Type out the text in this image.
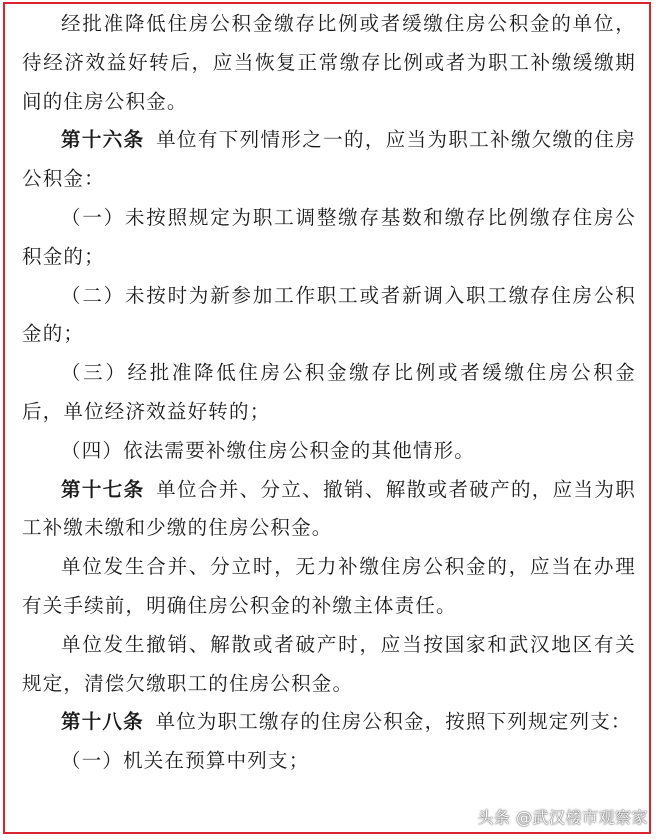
经批准降低住房公积金缴存比例或者缓缴住房公积金的单位，待经济效益好转后，应当恢复正常缴存比例或者为职工补缴缓缴期间的住房公积金。

第十六条 单位有下列情形之一的，应当为职工补缴欠缴的住房公积金：

（一）未按照规定为职工调整缴存基数和缴存比例缴存住房公积金的；

（二）未按时为新参加工作职工或者新调入职工缴存住房公积金的；

（三）经批准降低住房公积金缴存比例或者缓缴住房公积金后，单位经济效益好转的；

（四）依法需要补缴住房公积金的其他情形。

第十七条 单位合并、分立、撤销、解散或者破产的，应当为职工补缴未缴和少缴的住房公积金。

单位发生合并、分立时，无力补缴住房公积金的，应当在办理有关手续前，明确住房公积金的补缴主体责任。

单位发生撤销、解散或者破产时，应当按国家和武汉地区有关规定，清偿欠缴职工的住房公积金。

第十八条 单位为职工缴存的住房公积金，按照下列规定列支：

（一）机关在预算中列支；

头条 @武汉楼市观察家
